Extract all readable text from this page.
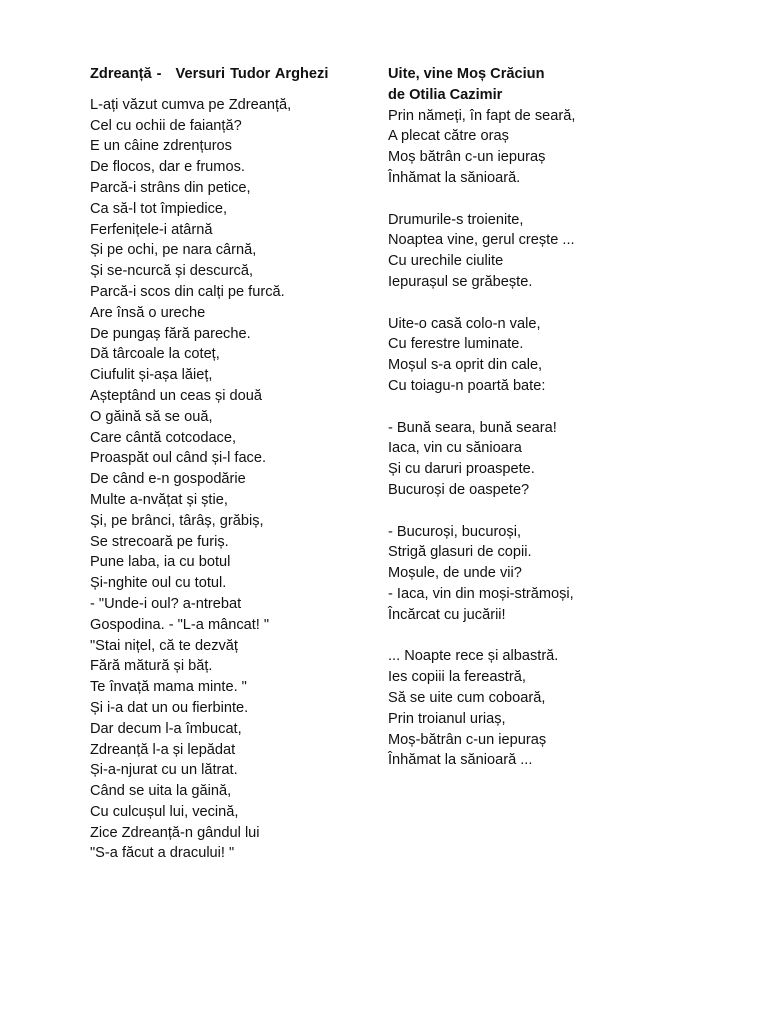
Zdreanță - Versuri Tudor Arghezi
L-ați văzut cumva pe Zdreanță,
Cel cu ochii de faianță?
E un câine zdrențuros
De flocos, dar e frumos.
Parcă-i strâns din petice,
Ca să-l tot împiedice,
Ferfenițele-i atârnă
Și pe ochi, pe nara cârnă,
Și se-ncurcă și descurcă,
Parcă-i scos din calți pe furcă.
Are însă o ureche
De pungaș fără pareche.
Dă târcoale la coteț,
Ciufulit și-așa lăieț,
Așteptând un ceas și două
O găină să se ouă,
Care cântă cotcodace,
Proaspăt oul când și-l face.
De când e-n gospodărie
Multe a-nvățat și știe,
Și, pe brânci, târâș, grăbiș,
Se strecoară pe furiș.
Pune laba, ia cu botul
Și-nghite oul cu totul.
- "Unde-i oul? a-ntrebat
Gospodina. - "L-a mâncat! "
"Stai nițel, că te dezvăț
Fără mătură și băț.
Te învață mama minte. "
Și i-a dat un ou fierbinte.
Dar decum l-a îmbucat,
Zdreanță l-a și lepădat
Și-a-njurat cu un lătrat.
Când se uita la găină,
Cu culcușul lui, vecină,
Zice Zdreanță-n gândul lui
"S-a făcut a dracului! "
Uite, vine Moș Crăciun
de Otilia Cazimir
Prin nămeți, în fapt de seară,
A plecat către oraș
Moș bătrân c-un iepuraș
Înhămat la sănioară.
Drumurile-s troienite,
Noaptea vine, gerul crește ...
Cu urechile ciulite
Iepurașul se grăbește.
Uite-o casă colo-n vale,
Cu ferestre luminate.
Moșul s-a oprit din cale,
Cu toiagu-n poartă bate:
- Bună seara, bună seara!
Iaca, vin cu sănioara
Și cu daruri proaspete.
Bucuroși de oaspete?
- Bucuroși, bucuroși,
Strigă glasuri de copii.
Moșule, de unde vii?
- Iaca, vin din moși-strămoși,
Încărcat cu jucării!
... Noapte rece și albastră.
Ies copiii la fereastră,
Să se uite cum coboară,
Prin troianul uriaș,
Moș-bătrân c-un iepuraș
Înhămat la sănioară ...
